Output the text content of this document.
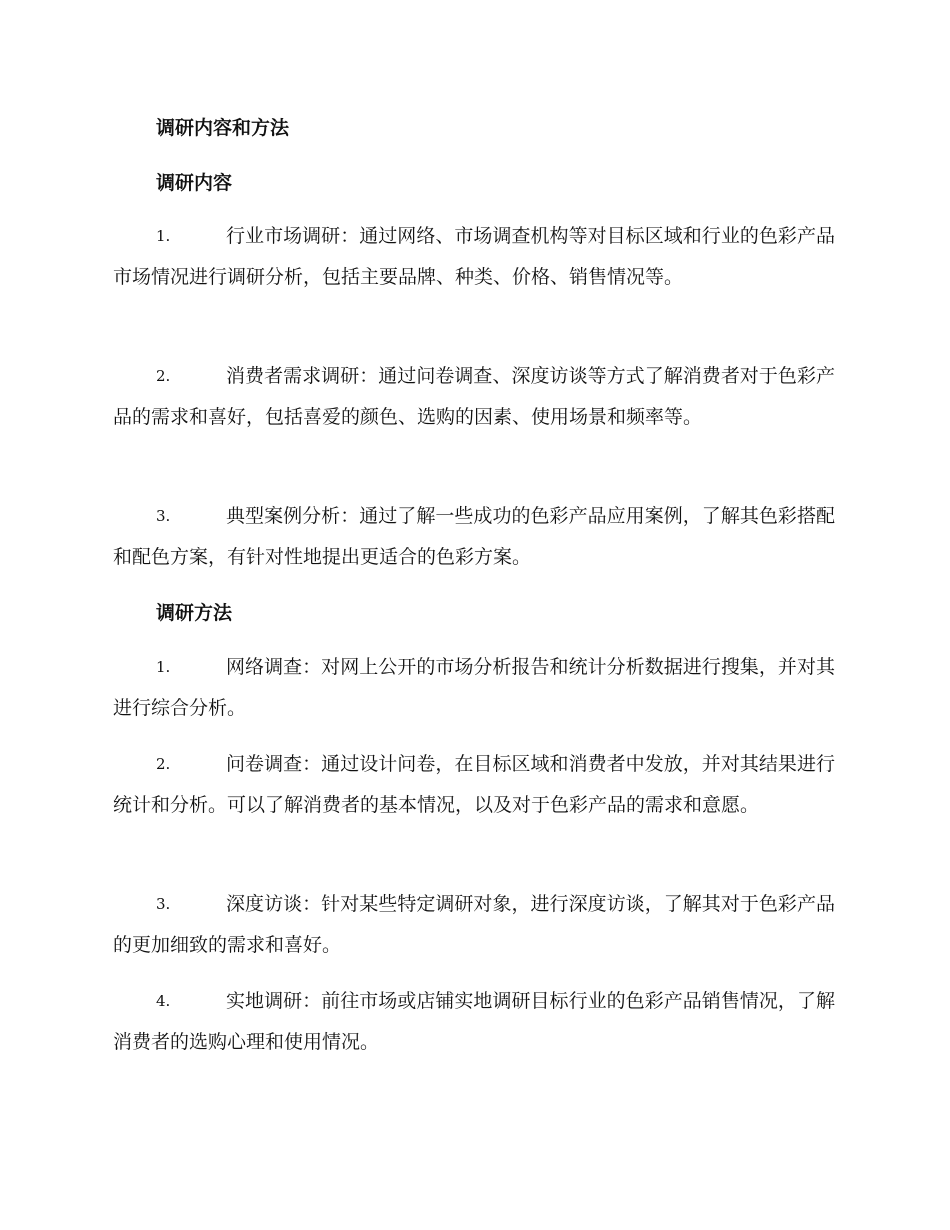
调研内容和方法
调研内容
1.	行业市场调研：通过网络、市场调查机构等对目标区域和行业的色彩产品市场情况进行调研分析，包括主要品牌、种类、价格、销售情况等。
2.	消费者需求调研：通过问卷调查、深度访谈等方式了解消费者对于色彩产品的需求和喜好，包括喜爱的颜色、选购的因素、使用场景和频率等。
3.	典型案例分析：通过了解一些成功的色彩产品应用案例，了解其色彩搭配和配色方案，有针对性地提出更适合的色彩方案。
调研方法
1.	网络调查：对网上公开的市场分析报告和统计分析数据进行搜集，并对其进行综合分析。
2.	问卷调查：通过设计问卷，在目标区域和消费者中发放，并对其结果进行统计和分析。可以了解消费者的基本情况，以及对于色彩产品的需求和意愿。
3.	深度访谈：针对某些特定调研对象，进行深度访谈，了解其对于色彩产品的更加细致的需求和喜好。
4.	实地调研：前往市场或店铺实地调研目标行业的色彩产品销售情况，了解消费者的选购心理和使用情况。
